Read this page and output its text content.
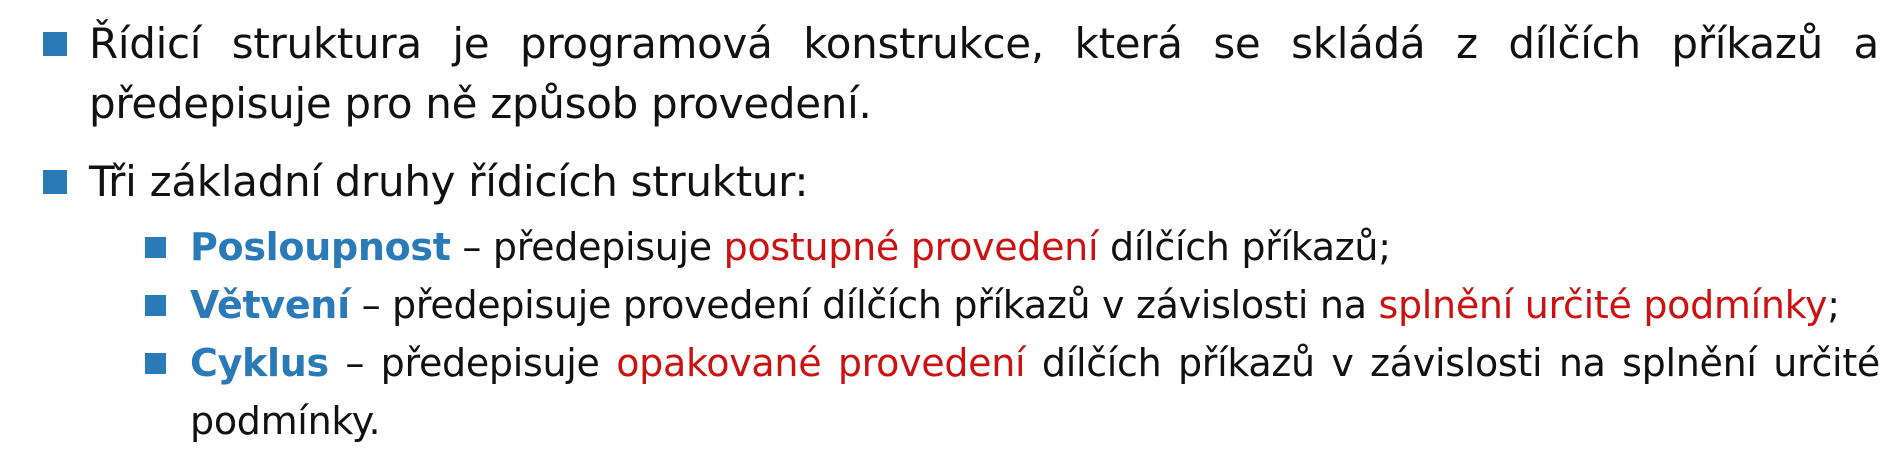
Řídicí struktura je programová konstrukce, která se skládá z dílčích příkazů a předepisuje pro ně způsob provedení.
Tři základní druhy řídicích struktur:
Posloupnost – předepisuje postupné provedení dílčích příkazů;
Větvení – předepisuje provedení dílčích příkazů v závislosti na splnění určité podmínky;
Cyklus – předepisuje opakované provedení dílčích příkazů v závislosti na splnění určité podmínky.
